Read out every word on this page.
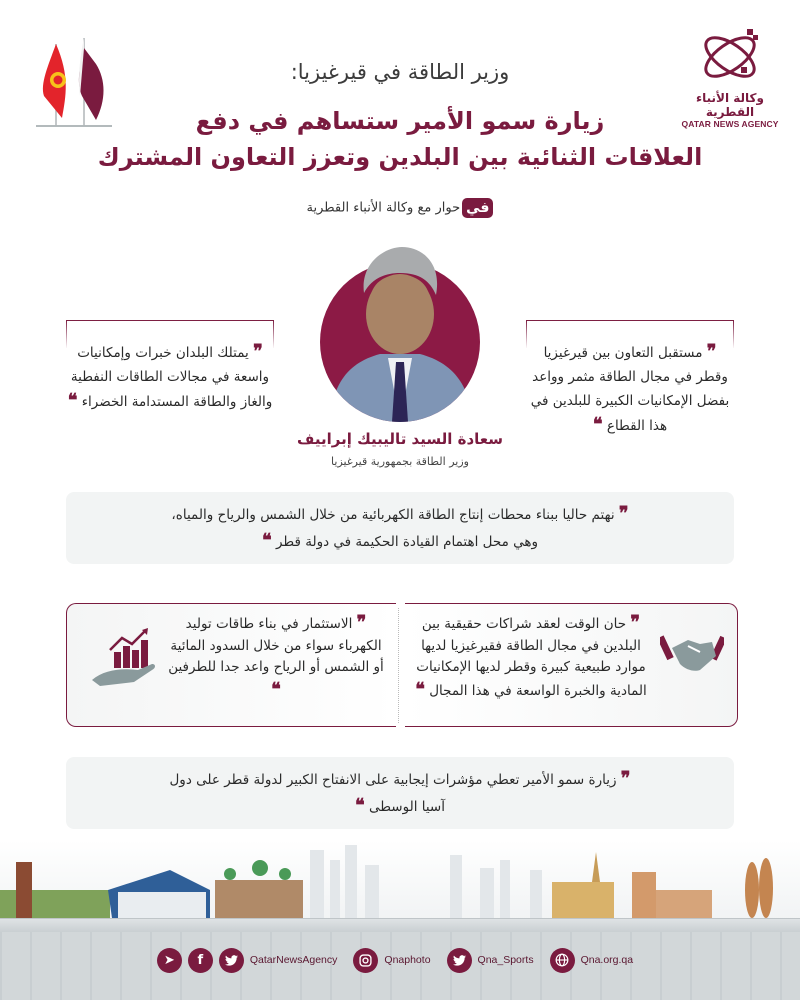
وكالة الأنباء القطرية
QATAR NEWS AGENCY
وزير الطاقة في قيرغيزيا:
زيارة سمو الأمير ستساهم في دفع
العلاقات الثنائية بين البلدين وتعزز التعاون المشترك
فيحوار مع وكالة الأنباء القطرية
سعادة السيد تاليبيك إبراييف
وزير الطاقة بجمهورية قيرغيزيا
❞ يمتلك البلدان خبرات وإمكانيات واسعة في مجالات الطاقات النفطية والغاز والطاقة المستدامة الخضراء ❝
❞ مستقبل التعاون بين قيرغيزيا وقطر في مجال الطاقة مثمر وواعد بفضل الإمكانيات الكبيرة للبلدين في هذا القطاع ❝
❞ نهتم حاليا ببناء محطات إنتاج الطاقة الكهربائية من خلال الشمس والرياح والمياه، وهي محل اهتمام القيادة الحكيمة في دولة قطر ❝
❞ الاستثمار في بناء طاقات توليد الكهرباء سواء من خلال السدود المائية أو الشمس أو الرياح واعد جدا للطرفين ❝
❞ حان الوقت لعقد شراكات حقيقية بين البلدين في مجال الطاقة فقيرغيزيا لديها موارد طبيعية كبيرة وقطر لديها الإمكانيات المادية والخبرة الواسعة في هذا المجال ❝
❞ زيارة سمو الأمير تعطي مؤشرات إيجابية على الانفتاح الكبير لدولة قطر على دول آسيا الوسطى ❝
➤	f	QatarNewsAgency	Qnaphoto	Qna_Sports	Qna.org.qa
